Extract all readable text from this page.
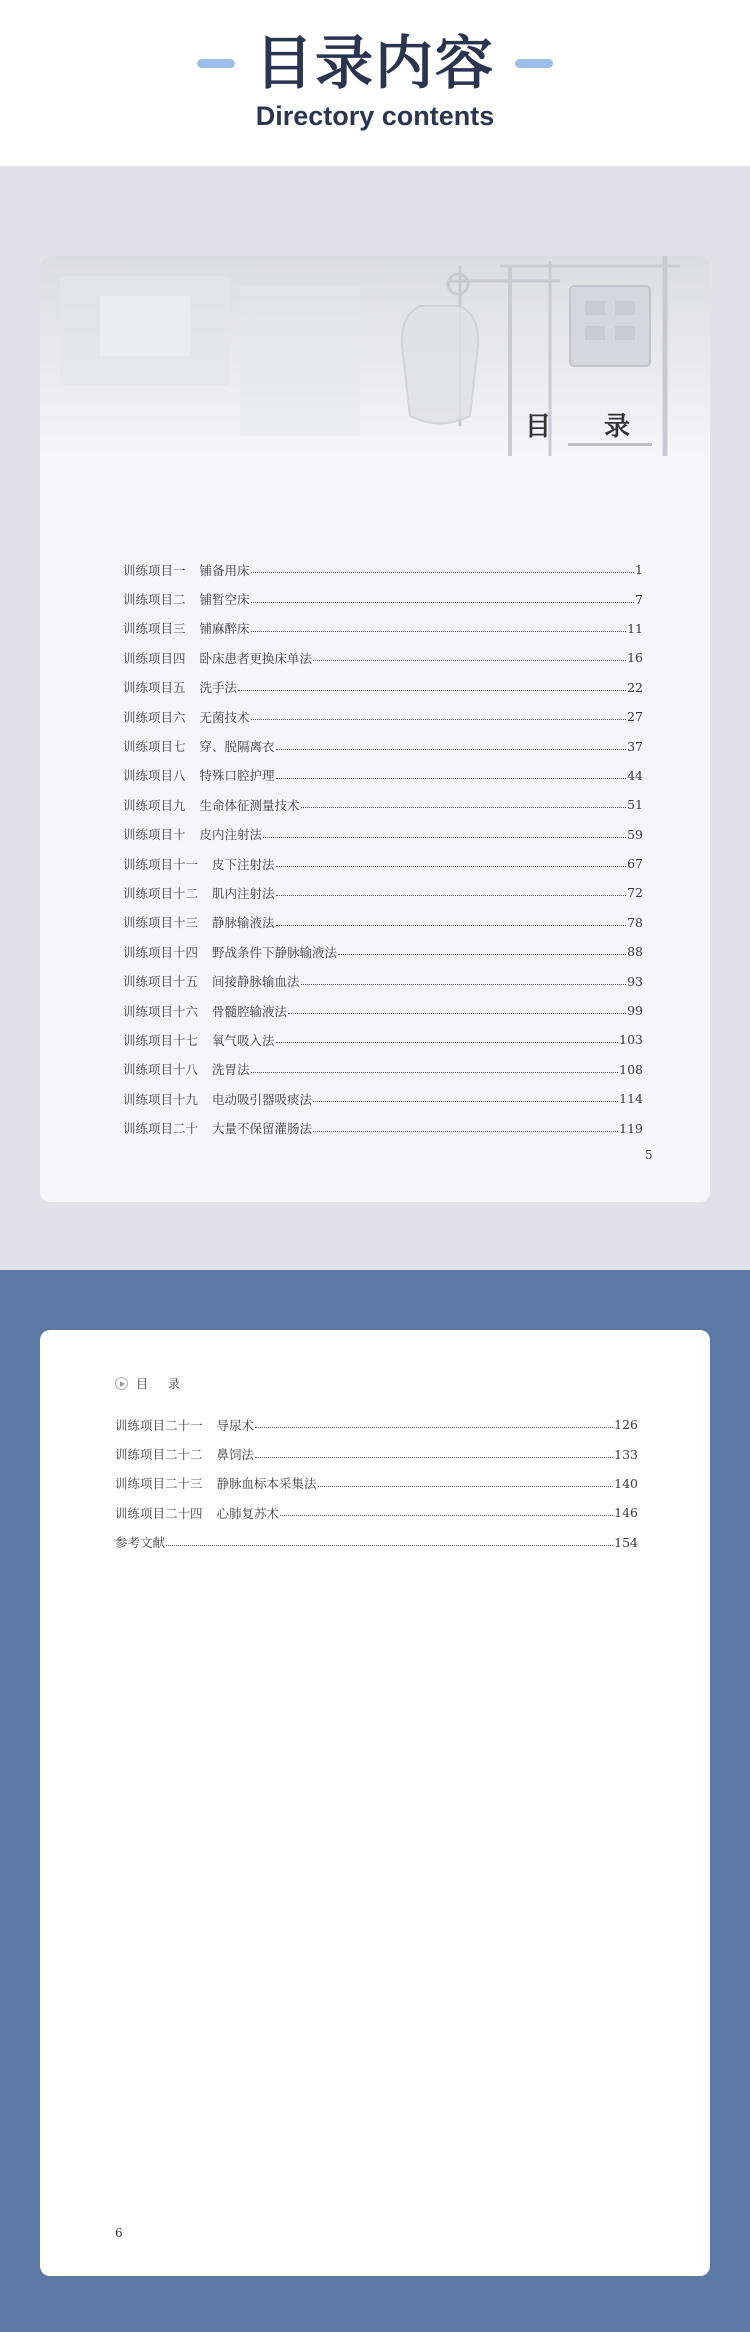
目录内容
Directory contents
目 录
训练项目一 铺备用床	1
训练项目二 铺暂空床	7
训练项目三 铺麻醉床	11
训练项目四 卧床患者更换床单法	16
训练项目五 洗手法	22
训练项目六 无菌技术	27
训练项目七 穿、脱隔离衣	37
训练项目八 特殊口腔护理	44
训练项目九 生命体征测量技术	51
训练项目十 皮内注射法	59
训练项目十一 皮下注射法	67
训练项目十二 肌内注射法	72
训练项目十三 静脉输液法	78
训练项目十四 野战条件下静脉输液法	88
训练项目十五 间接静脉输血法	93
训练项目十六 骨髓腔输液法	99
训练项目十七 氧气吸入法	103
训练项目十八 洗胃法	108
训练项目十九 电动吸引器吸痰法	114
训练项目二十 大量不保留灌肠法	119
5
目 录
训练项目二十一 导尿术	126
训练项目二十二 鼻饲法	133
训练项目二十三 静脉血标本采集法	140
训练项目二十四 心肺复苏术	146
参考文献	154
6
